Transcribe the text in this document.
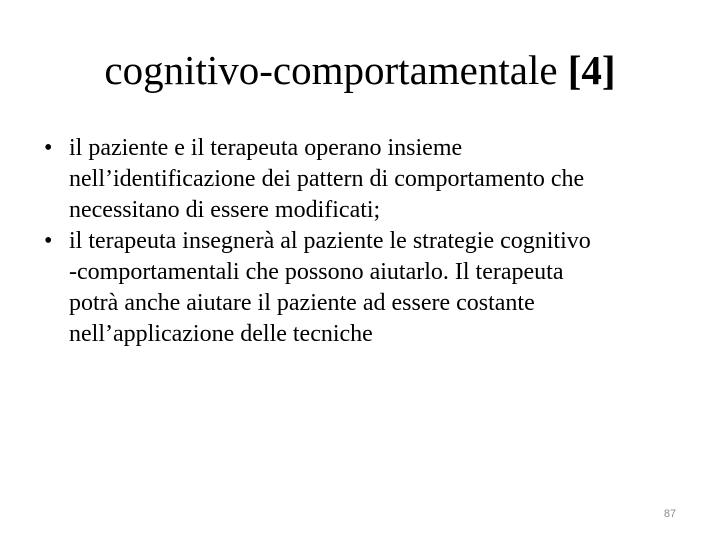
cognitivo-comportamentale [4]
• il paziente e il terapeuta operano insieme
nell’identificazione dei pattern di comportamento che
necessitano di essere modificati;
• il terapeuta insegnerà al paziente le strategie cognitivo
-comportamentali che possono aiutarlo. Il terapeuta
potrà anche aiutare il paziente ad essere costante
nell’applicazione delle tecniche
87
